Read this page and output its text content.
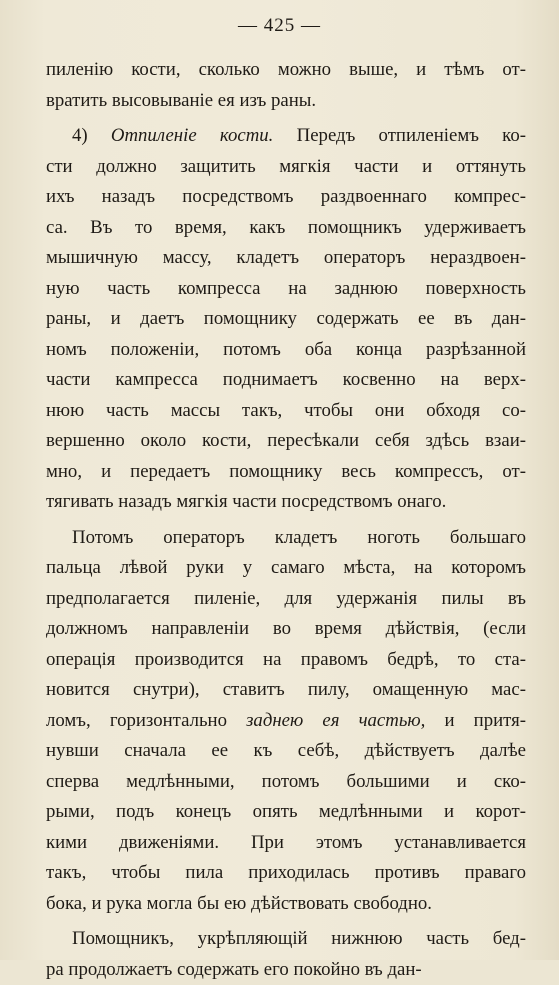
— 425 —
пиленію кости, сколько можно выше, и тѣмъ от-
вратить высовываніе ея изъ раны.
4) Отпиленіе кости. Передъ отпиленіемъ ко-
сти должно защитить мягкія части и оттянуть
ихъ назадъ посредствомъ раздвоеннаго компрес-
са. Въ то время, какъ помощникъ удерживаетъ
мышичную массу, кладетъ операторъ нераздвоен-
ную часть компресса на заднюю поверхность
раны, и даетъ помощнику содержать ее въ дан-
номъ положеніи, потомъ оба конца разрѣзанной
части кампресса поднимаетъ косвенно на верх-
нюю часть массы такъ, чтобы они обходя со-
вершенно около кости, пересѣкали себя здѣсь взаи-
мно, и передаетъ помощнику весь компрессъ, от-
тягивать назадъ мягкія части посредствомъ онаго.
Потомъ операторъ кладетъ ноготь большаго
пальца лѣвой руки у самаго мѣста, на которомъ
предполагается пиленіе, для удержанія пилы въ
должномъ направленіи во время дѣйствія, (если
операція производится на правомъ бедрѣ, то ста-
новится снутри), ставитъ пилу, омащенную мас-
ломъ, горизонтально заднею ея частью, и притя-
нувши сначала ее къ себѣ, дѣйствуетъ далѣе
сперва медлѣнными, потомъ большими и ско-
рыми, подъ конецъ опять медлѣнными и корот-
кими движеніями. При этомъ устанавливается
такъ, чтобы пила приходилась противъ праваго
бока, и рука могла бы ею дѣйствовать свободно.
Помощникъ, укрѣпляющій нижнюю часть бед-
ра продолжаетъ содержать его покойно въ дан-
